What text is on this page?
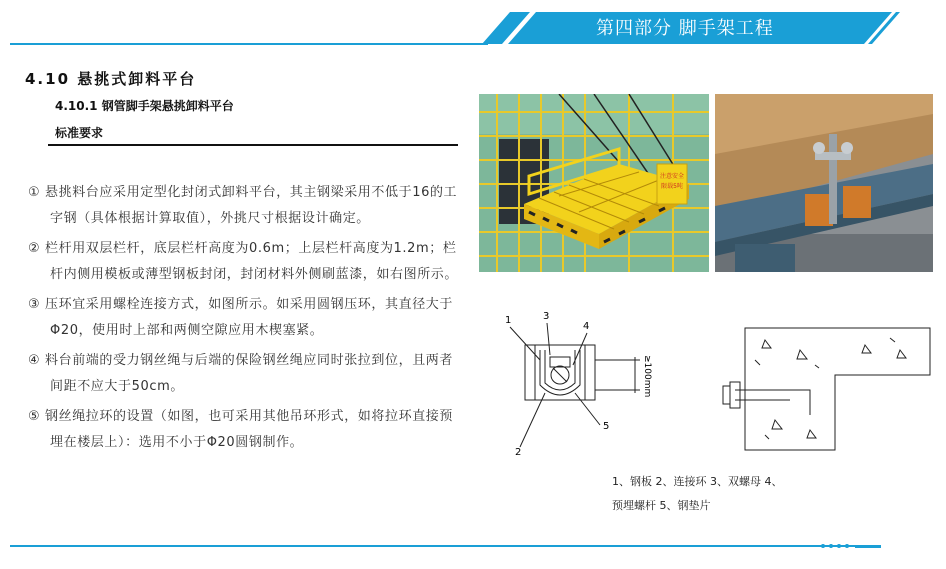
第四部分 脚手架工程
4.10 悬挑式卸料平台
4.10.1 钢管脚手架悬挑卸料平台
标准要求

① 悬挑料台应采用定型化封闭式卸料平台，其主钢梁采用不低于16的工字钢（具体根据计算取值），外挑尺寸根据设计确定。

② 栏杆用双层栏杆，底层栏杆高度为0.6m；上层栏杆高度为1.2m；栏杆内侧用模板或薄型钢板封闭，封闭材料外侧刷蓝漆，如右图所示。

③ 压环宜采用螺栓连接方式，如图所示。如采用圆钢压环，其直径大于Φ20，使用时上部和两侧空隙应用木楔塞紧。

④ 料台前端的受力钢丝绳与后端的保险钢丝绳应同时张拉到位，且两者间距不应大于50cm。

⑤ 钢丝绳拉环的设置（如图，也可采用其他吊环形式，如将拉环直接预埋在楼层上）：选用不小于Φ20圆钢制作。

注意安全
限载5吨
1	3
4
2
5
≥100mm
1、钢板 2、连接环 3、双螺母 4、
预埋螺杆 5、钢垫片
